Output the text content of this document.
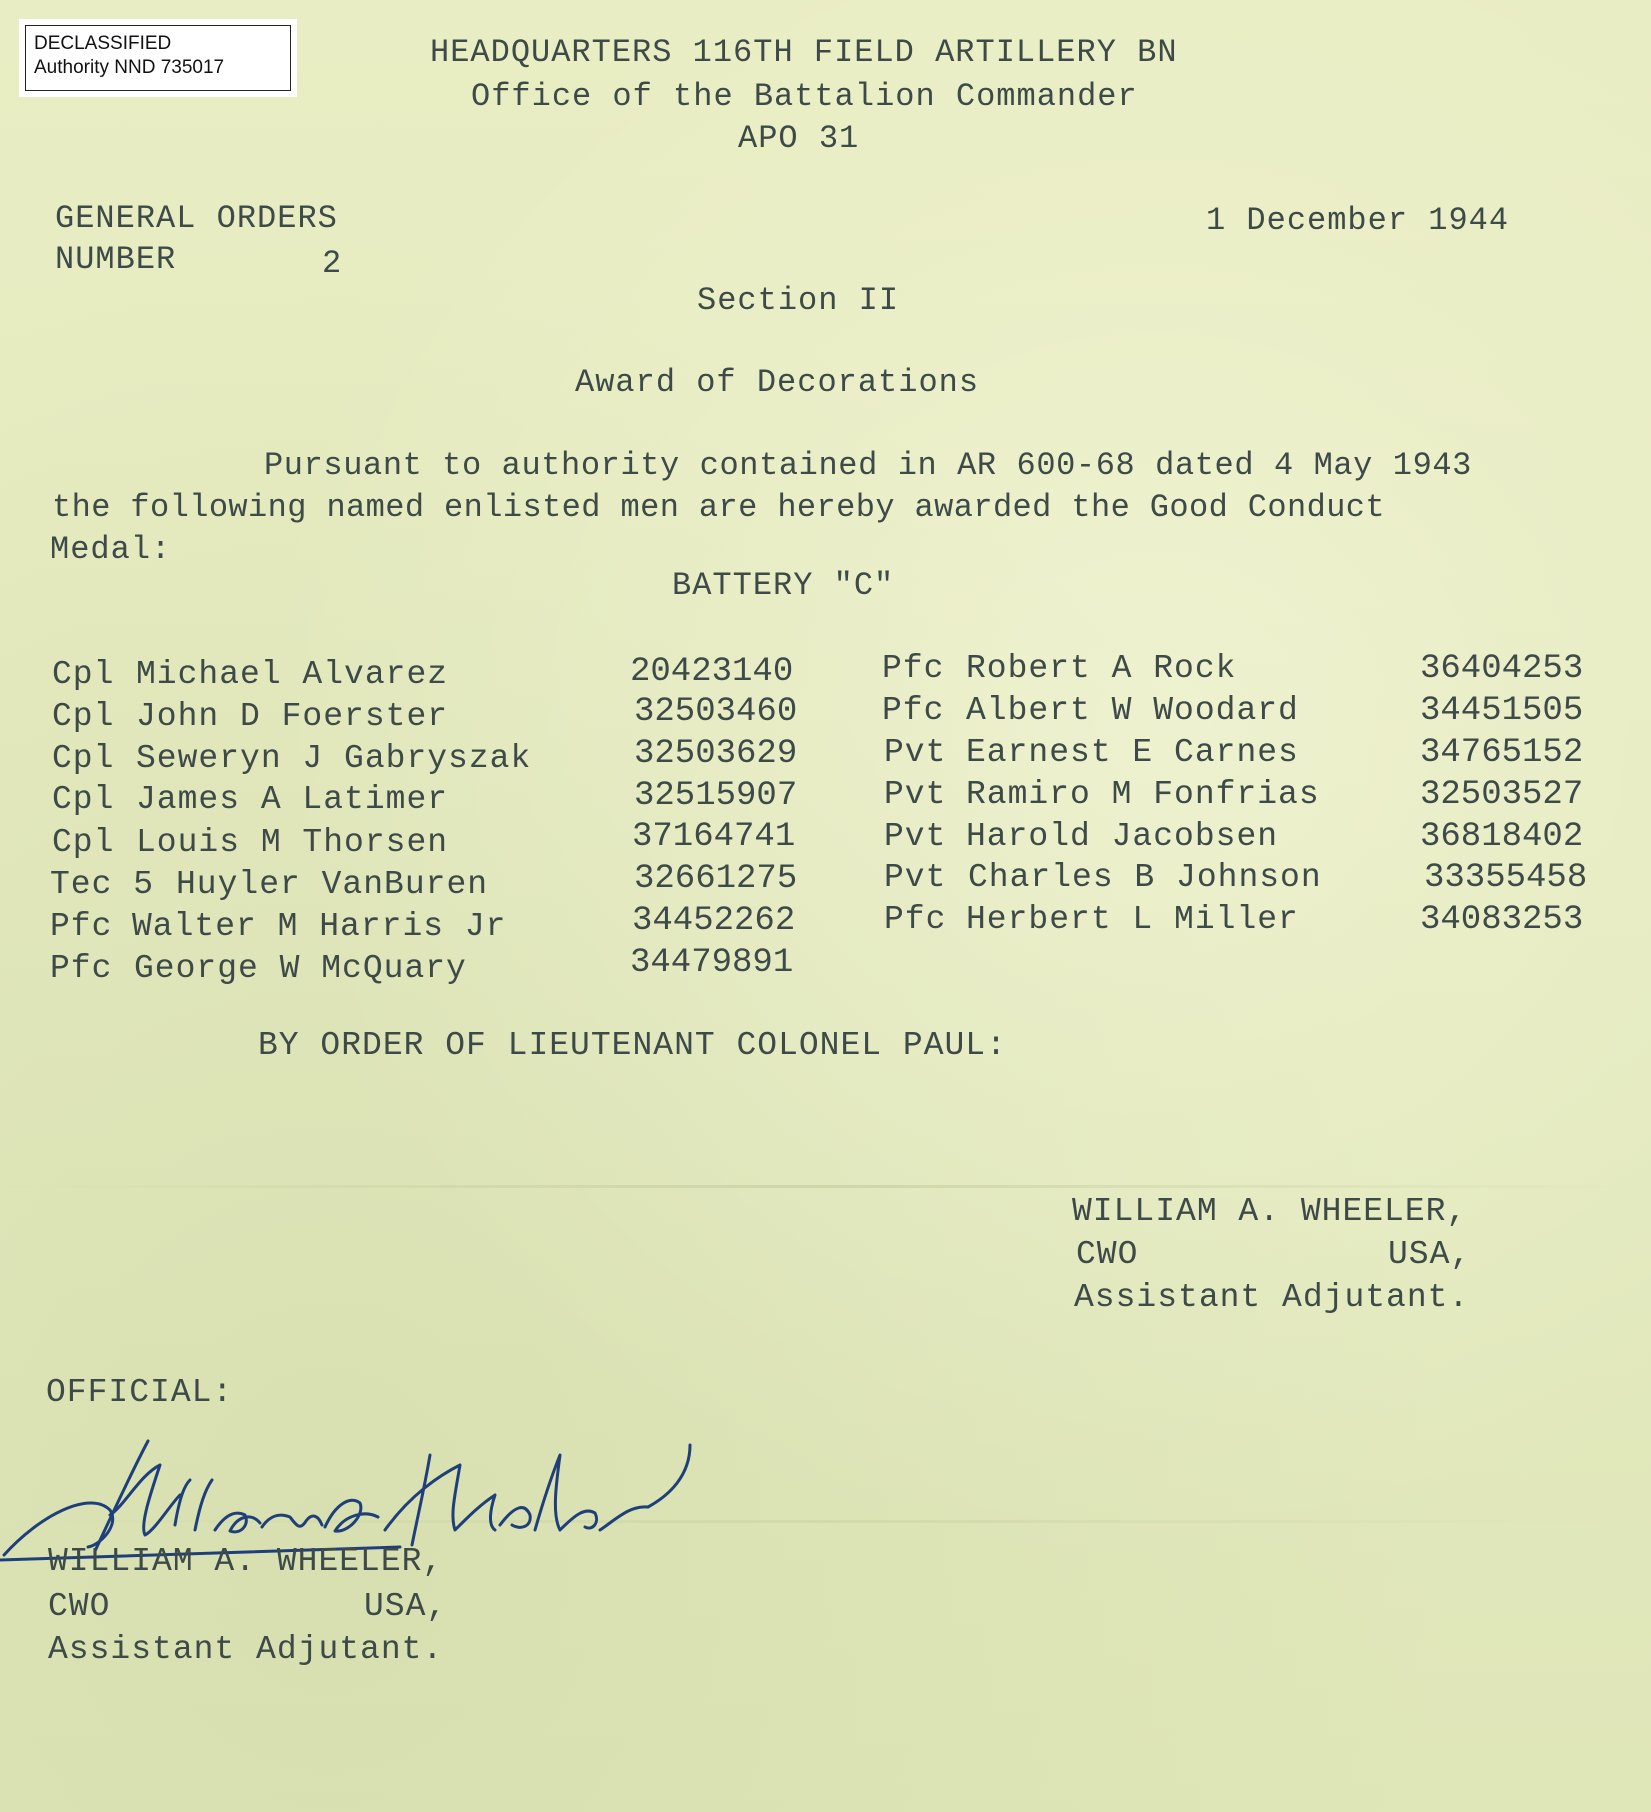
DECLASSIFIED
Authority NND 735017	HEADQUARTERS 116TH FIELD ARTILLERY BN
Office of the Battalion Commander
APO 31
GENERAL ORDERS
NUMBER	2
1 December 1944
Section II
Award of Decorations
Pursuant to authority contained in AR 600-68 dated 4 May 1943
the following named enlisted men are hereby awarded the Good Conduct
Medal:
BATTERY "C"
Cpl Michael Alvarez	20423140
Cpl John D Foerster	32503460
Cpl Seweryn J Gabryszak	32503629
Cpl James A Latimer	32515907
Cpl Louis M Thorsen	37164741
Tec 5 Huyler VanBuren	32661275
Pfc Walter M Harris Jr	34452262
Pfc George W McQuary	34479891
Pfc Robert A Rock	36404253
Pfc Albert W Woodard	34451505
Pvt Earnest E Carnes	34765152
Pvt Ramiro M Fonfrias	32503527
Pvt Harold Jacobsen	36818402
Pvt Charles B Johnson	33355458
Pfc Herbert L Miller	34083253
BY ORDER OF LIEUTENANT COLONEL PAUL:
WILLIAM A. WHEELER,
CWO	USA,
Assistant Adjutant.
OFFICIAL:
WILLIAM A. WHEELER,
CWO	USA,
Assistant Adjutant.
